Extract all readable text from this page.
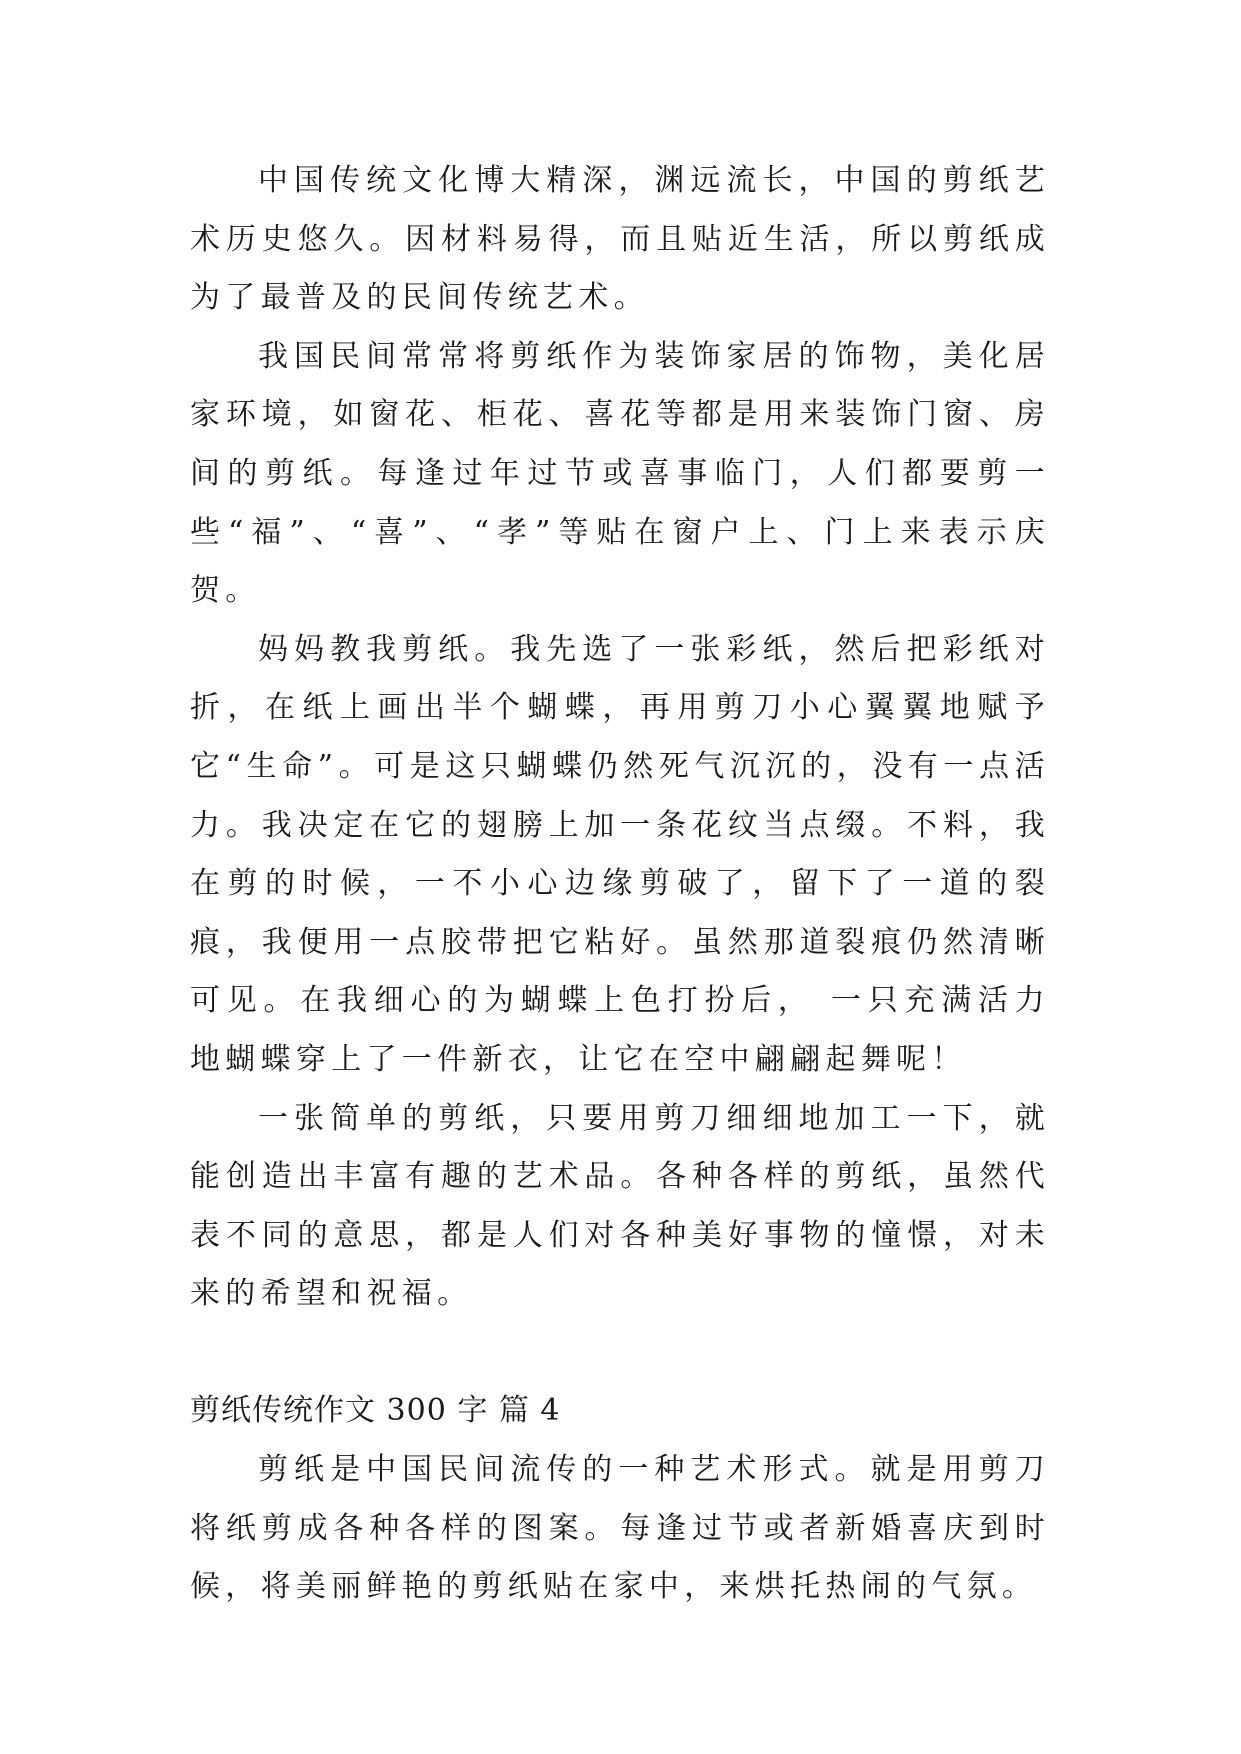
中国传统文化博大精深，渊远流长，中国的剪纸艺术历史悠久。因材料易得，而且贴近生活，所以剪纸成为了最普及的民间传统艺术。

我国民间常常将剪纸作为装饰家居的饰物，美化居家环境，如窗花、柜花、喜花等都是用来装饰门窗、房间的剪纸。每逢过年过节或喜事临门，人们都要剪一些“福”、“喜”、“孝”等贴在窗户上、门上来表示庆贺。

妈妈教我剪纸。我先选了一张彩纸，然后把彩纸对折，在纸上画出半个蝴蝶，再用剪刀小心翼翼地赋予它“生命”。可是这只蝴蝶仍然死气沉沉的，没有一点活力。我决定在它的翅膀上加一条花纹当点缀。不料，我在剪的时候，一不小心边缘剪破了，留下了一道的裂痕，我便用一点胶带把它粘好。虽然那道裂痕仍然清晰可见。在我细心的为蝴蝶上色打扮后， 一只充满活力地蝴蝶穿上了一件新衣，让它在空中翩翩起舞呢！

一张简单的剪纸，只要用剪刀细细地加工一下，就能创造出丰富有趣的艺术品。各种各样的剪纸，虽然代表不同的意思，都是人们对各种美好事物的憧憬，对未来的希望和祝福。

剪纸传统作文 300 字 篇 4

剪纸是中国民间流传的一种艺术形式。就是用剪刀将纸剪成各种各样的图案。每逢过节或者新婚喜庆到时候，将美丽鲜艳的剪纸贴在家中，来烘托热闹的气氛。
